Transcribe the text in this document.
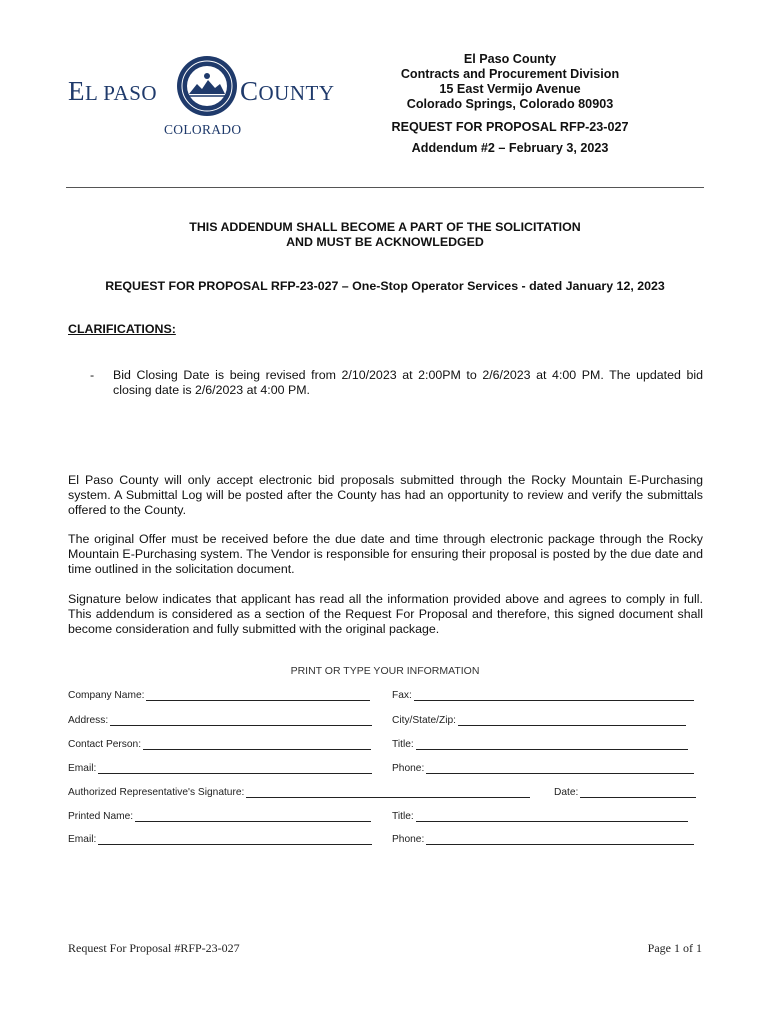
EL PASO	COUNTY
COLORADO
El Paso County
Contracts and Procurement Division
15 East Vermijo Avenue
Colorado Springs, Colorado 80903
REQUEST FOR PROPOSAL RFP-23-027
Addendum #2 – February 3, 2023
THIS ADDENDUM SHALL BECOME A PART OF THE SOLICITATION
AND MUST BE ACKNOWLEDGED
REQUEST FOR PROPOSAL RFP-23-027 – One-Stop Operator Services - dated January 12, 2023
CLARIFICATIONS:
- Bid Closing Date is being revised from 2/10/2023 at 2:00PM to 2/6/2023 at 4:00 PM. The updated bid closing date is 2/6/2023 at 4:00 PM.
El Paso County will only accept electronic bid proposals submitted through the Rocky Mountain E-Purchasing system. A Submittal Log will be posted after the County has had an opportunity to review and verify the submittals offered to the County.
The original Offer must be received before the due date and time through electronic package through the Rocky Mountain E-Purchasing system. The Vendor is responsible for ensuring their proposal is posted by the due date and time outlined in the solicitation document.
Signature below indicates that applicant has read all the information provided above and agrees to comply in full. This addendum is considered as a section of the Request For Proposal and therefore, this signed document shall become consideration and fully submitted with the original package.
PRINT OR TYPE YOUR INFORMATION
Company Name:	Fax:
Address:	City/State/Zip:
Contact Person:	Title:
Email:	Phone:
Authorized Representative's Signature:	Date:
Printed Name:	Title:
Email:	Phone:
Request For Proposal #RFP-23-027	Page 1 of 1
